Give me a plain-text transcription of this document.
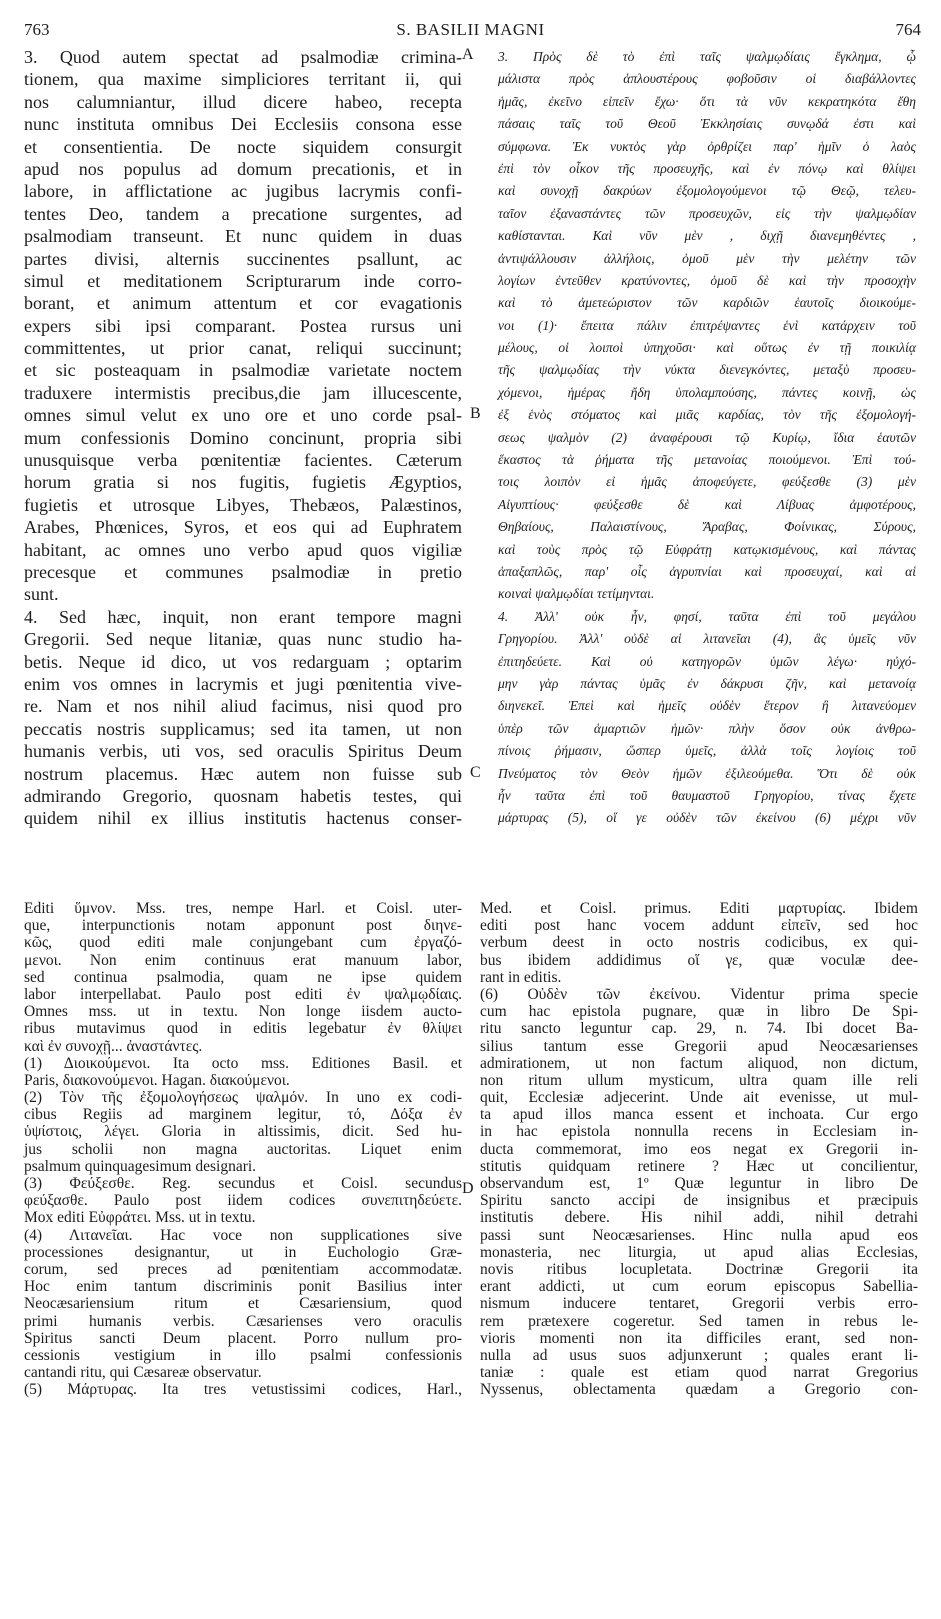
763	S. BASILII MAGNI	764
3. Quod autem spectat ad psalmodiæ crimina-
tionem, qua maxime simpliciores territant ii, qui
nos calumniantur, illud dicere habeo, recepta
nunc instituta omnibus Dei Ecclesiis consona esse
et consentientia. De nocte siquidem consurgit
apud nos populus ad domum precationis, et in
labore, in afflictatione ac jugibus lacrymis confi-
tentes Deo, tandem a precatione surgentes, ad
psalmodiam transeunt. Et nunc quidem in duas
partes divisi, alternis succinentes psallunt, ac
simul et meditationem Scripturarum inde corro-
borant, et animum attentum et cor evagationis
expers sibi ipsi comparant. Postea rursus uni
committentes, ut prior canat, reliqui succinunt;
et sic posteaquam in psalmodiæ varietate noctem
traduxere intermistis precibus,die jam illucescente,
omnes simul velut ex uno ore et uno corde psal-
mum confessionis Domino concinunt, propria sibi
unusquisque verba pœnitentiæ facientes. Cæterum
horum gratia si nos fugitis, fugietis Ægyptios,
fugietis et utrosque Libyes, Thebæos, Palæstinos,
Arabes, Phœnices, Syros, et eos qui ad Euphratem
habitant, ac omnes uno verbo apud quos vigiliæ
precesque et communes psalmodiæ in pretio
sunt.
4. Sed hæc, inquit, non erant tempore magni
Gregorii. Sed neque litaniæ, quas nunc studio ha-
betis. Neque id dico, ut vos redarguam ; optarim
enim vos omnes in lacrymis et jugi pœnitentia vive-
re. Nam et nos nihil aliud facimus, nisi quod pro
peccatis nostris supplicamus; sed ita tamen, ut non
humanis verbis, uti vos, sed oraculis Spiritus Deum
nostrum placemus. Hæc autem non fuisse sub
admirando Gregorio, quosnam habetis testes, qui
quidem nihil ex illius institutis hactenus conser-
3. Πρὸς δὲ τὸ ἐπὶ ταῖς ψαλμῳδίαις ἔγκλημα, ᾧ
μάλιστα πρὸς ἁπλουστέρους φοβοῦσιν οἱ διαβάλλοντες
ἡμᾶς, ἐκεῖνο εἰπεῖν ἔχω· ὅτι τὰ νῦν κεκρατηκότα ἔθη
πάσαις ταῖς τοῦ Θεοῦ Ἐκκλησίαις συνῳδά ἐστι καὶ
σύμφωνα. Ἐκ νυκτὸς γὰρ ὀρθρίζει παρ' ἡμῖν ὁ λαὸς
ἐπὶ τὸν οἶκον τῆς προσευχῆς, καὶ ἐν πόνῳ καὶ θλίψει
καὶ συνοχῇ δακρύων ἐξομολογούμενοι τῷ Θεῷ, τελευ-
ταῖον ἐξαναστάντες τῶν προσευχῶν, εἰς τὴν ψαλμῳδίαν
καθίστανται. Καὶ νῦν μὲν , διχῇ διανεμηθέντες ,
ἀντιψάλλουσιν ἀλλήλοις, ὁμοῦ μὲν τὴν μελέτην τῶν
λογίων ἐντεῦθεν κρατύνοντες, ὁμοῦ δὲ καὶ τὴν προσοχὴν
καὶ τὸ ἀμετεώριστον τῶν καρδιῶν ἑαυτοῖς διοικούμε-
νοι (1)· ἔπειτα πάλιν ἐπιτρέψαντες ἑνὶ κατάρχειν τοῦ
μέλους, οἱ λοιποὶ ὑπηχοῦσι· καὶ οὕτως ἐν τῇ ποικιλίᾳ
τῆς ψαλμῳδίας τὴν νύκτα διενεγκόντες, μεταξὺ προσευ-
χόμενοι, ἡμέρας ἤδη ὑπολαμπούσης, πάντες κοινῇ, ὡς
ἐξ ἑνὸς στόματος καὶ μιᾶς καρδίας, τὸν τῆς ἐξομολογή-
σεως ψαλμὸν (2) ἀναφέρουσι τῷ Κυρίῳ, ἴδια ἑαυτῶν
ἕκαστος τὰ ῥήματα τῆς μετανοίας ποιούμενοι. Ἐπὶ τού-
τοις λοιπὸν εἰ ἡμᾶς ἀποφεύγετε, φεύξεσθε (3) μὲν
Αἰγυπτίους· φεύξεσθε δὲ καὶ Λίβυας ἀμφοτέρους,
Θηβαίους, Παλαιστίνους, Ἄραβας, Φοίνικας, Σύρους,
καὶ τοὺς πρὸς τῷ Εὐφράτῃ κατῳκισμένους, καὶ πάντας
ἁπαξαπλῶς, παρ' οἷς ἀγρυπνίαι καὶ προσευχαί, καὶ αἱ
κοιναὶ ψαλμῳδίαι τετίμηνται.
4. Ἀλλ' οὐκ ἦν, φησί, ταῦτα ἐπὶ τοῦ μεγάλου
Γρηγορίου. Ἀλλ' οὐδὲ αἱ λιτανεῖαι (4), ἃς ὑμεῖς νῦν
ἐπιτηδεύετε. Καὶ οὐ κατηγορῶν ὑμῶν λέγω· ηὐχό-
μην γὰρ πάντας ὑμᾶς ἐν δάκρυσι ζῆν, καὶ μετανοίᾳ
διηνεκεῖ. Ἐπεὶ καὶ ἡμεῖς οὐδὲν ἕτερον ἢ λιτανεύομεν
ὑπὲρ τῶν ἁμαρτιῶν ἡμῶν· πλὴν ὅσον οὐκ ἀνθρω-
πίνοις ῥήμασιν, ὥσπερ ὑμεῖς, ἀλλὰ τοῖς λογίοις τοῦ
Πνεύματος τὸν Θεὸν ἡμῶν ἐξιλεούμεθα. Ὅτι δὲ οὐκ
ἦν ταῦτα ἐπὶ τοῦ θαυμαστοῦ Γρηγορίου, τίνας ἔχετε
μάρτυρας (5), οἵ γε οὐδὲν τῶν ἐκείνου (6) μέχρι νῦν
Editi ὕμνον. Mss. tres, nempe Harl. et Coisl. uter-
que, interpunctionis notam apponunt post διηνε-
κῶς, quod editi male conjungebant cum ἐργαζό-
μενοι. Non enim continuus erat manuum labor,
sed continua psalmodia, quam ne ipse quidem
labor interpellabat. Paulo post editi ἐν ψαλμῳδίαις.
Omnes mss. ut in textu. Non longe iisdem aucto-
ribus mutavimus quod in editis legebatur ἐν θλίψει
καὶ ἐν συνοχῇ... ἀναστάντες.
(1) Διοικούμενοι. Ita octo mss. Editiones Basil. et
Paris, διακονούμενοι. Hagan. διακούμενοι.
(2) Τὸν τῆς ἐξομολογήσεως ψαλμόν. In uno ex codi-
cibus Regiis ad marginem legitur, τό, Δόξα ἐν
ὑψίστοις, λέγει. Gloria in altissimis, dicit. Sed hu-
jus scholii non magna auctoritas. Liquet enim
psalmum quinquagesimum designari.
(3) Φεύξεσθε. Reg. secundus et Coisl. secundus
φεύξασθε. Paulo post iidem codices συνεπιτηδεύετε.
Mox editi Εὐφράτει. Mss. ut in textu.
(4) Λιτανεῖαι. Hac voce non supplicationes sive
processiones designantur, ut in Euchologio Græ-
corum, sed preces ad pœnitentiam accommodatæ.
Hoc enim tantum discriminis ponit Basilius inter
Neocæsariensium ritum et Cæsariensium, quod
primi humanis verbis. Cæsarienses vero oraculis
Spiritus sancti Deum placent. Porro nullum pro-
cessionis vestigium in illo psalmi confessionis
cantandi ritu, qui Cæsareæ observatur.
(5) Μάρτυρας. Ita tres vetustissimi codices, Harl.,
Med. et Coisl. primus. Editi μαρτυρίας. Ibidem
editi post hanc vocem addunt εἰπεῖν, sed hoc
verbum deest in octo nostris codicibus, ex qui-
bus ibidem addidimus οἵ γε, quæ voculæ dee-
rant in editis.
(6) Οὐδὲν τῶν ἐκείνου. Videntur prima specie
cum hac epistola pugnare, quæ in libro De Spi-
ritu sancto leguntur cap. 29, n. 74. Ibi docet Ba-
silius tantum esse Gregorii apud Neocæsarienses
admirationem, ut non factum aliquod, non dictum,
non ritum ullum mysticum, ultra quam ille reli
quit, Ecclesiæ adjecerint. Unde ait evenisse, ut mul-
ta apud illos manca essent et inchoata. Cur ergo
in hac epistola nonnulla recens in Ecclesiam in-
ducta commemorat, imo eos negat ex Gregorii in-
stitutis quidquam retinere ? Hæc ut concilientur,
observandum est, 1º Quæ leguntur in libro De
Spiritu sancto accipi de insignibus et præcipuis
institutis debere. His nihil addi, nihil detrahi
passi sunt Neocæsarienses. Hinc nulla apud eos
monasteria, nec liturgia, ut apud alias Ecclesias,
novis ritibus locupletata. Doctrinæ Gregorii ita
erant addicti, ut cum eorum episcopus Sabellia-
nismum inducere tentaret, Gregorii verbis erro-
rem prætexere cogeretur. Sed tamen in rebus le-
vioris momenti non ita difficiles erant, sed non-
nulla ad usus suos adjunxerunt ; quales erant li-
taniæ : quale est etiam quod narrat Gregorius
Nyssenus, oblectamenta quædam a Gregorio con-
A
B
C
D
